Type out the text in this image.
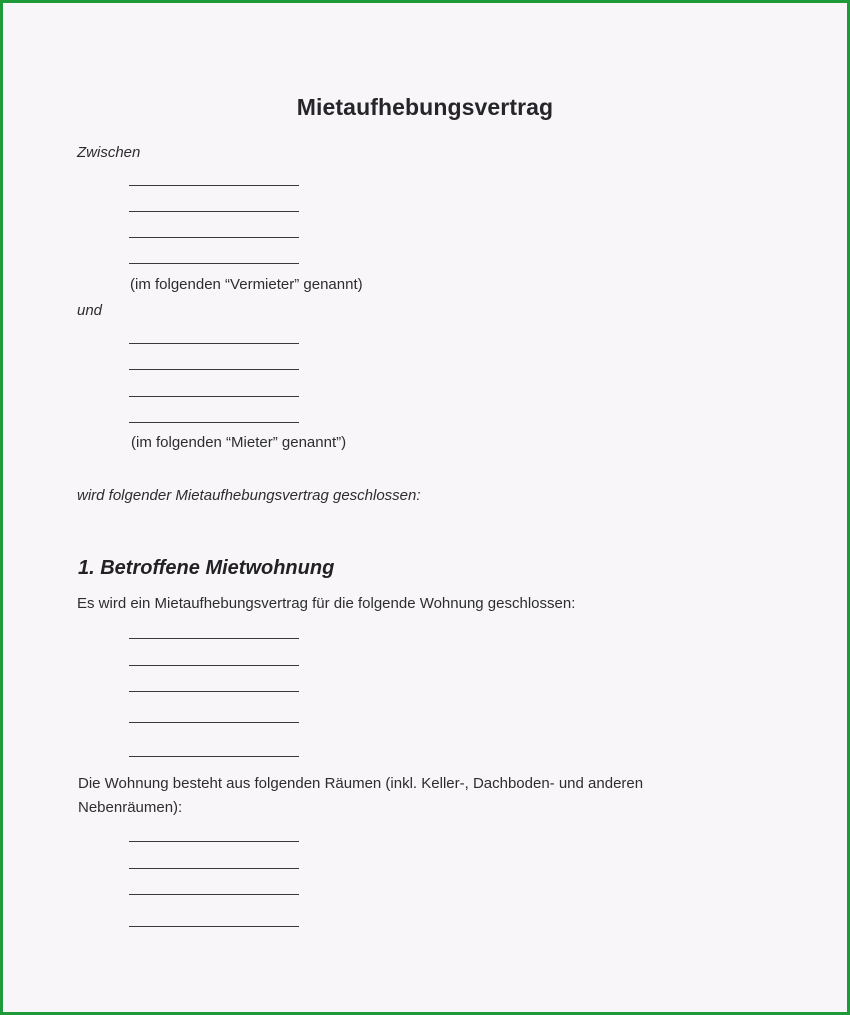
Mietaufhebungsvertrag
Zwischen
(im folgenden “Vermieter” genannt)
und
(im folgenden “Mieter” genannt”)
wird folgender Mietaufhebungsvertrag geschlossen:
1. Betroffene Mietwohnung
Es wird ein Mietaufhebungsvertrag für die folgende Wohnung geschlossen:
Die Wohnung besteht aus folgenden Räumen (inkl. Keller-, Dachboden- und anderen Nebenräumen):
